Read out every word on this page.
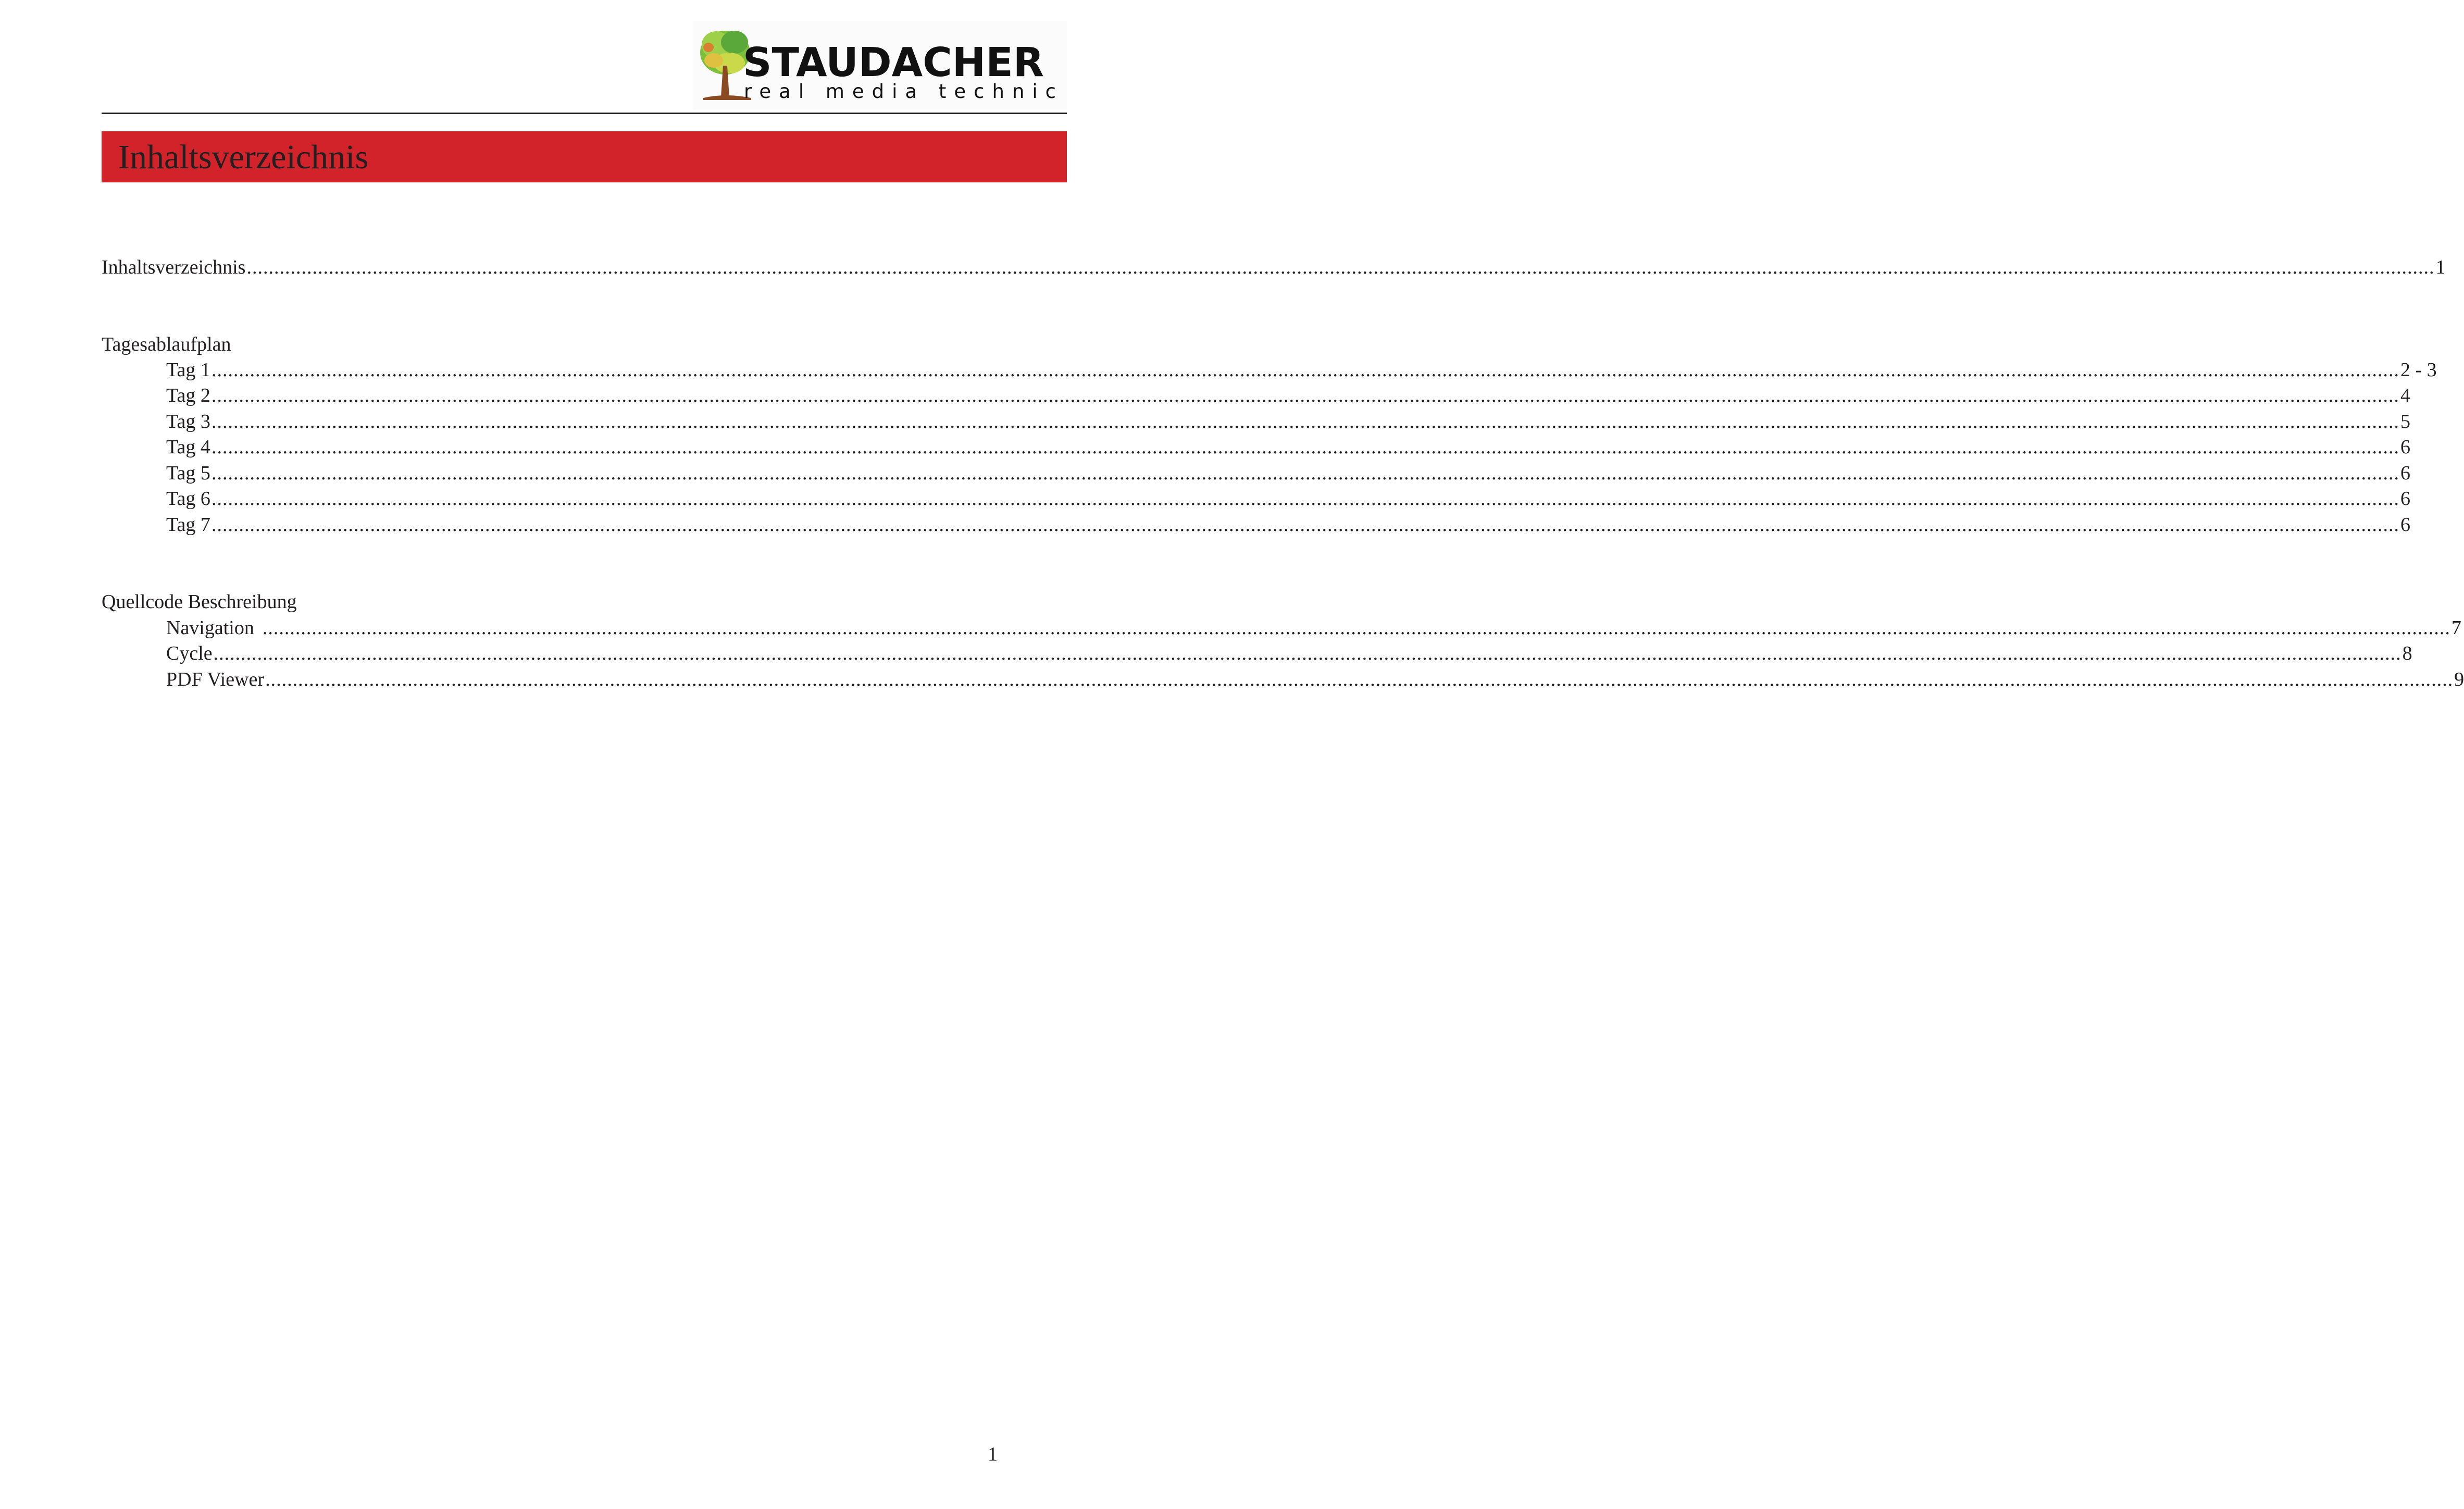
STAUDACHER
real media technic
Inhaltsverzeichnis
Inhaltsverzeichnis ................................................................................................................................................................................................................................................................................................................................................................................................................ 1
Tagesablaufplan
Tag 1 ................................................................................................................................................................................................................................................................................................................................................................................................................ 2 - 3
Tag 2 ................................................................................................................................................................................................................................................................................................................................................................................................................ 4
Tag 3 ................................................................................................................................................................................................................................................................................................................................................................................................................ 5
Tag 4 ................................................................................................................................................................................................................................................................................................................................................................................................................ 6
Tag 5 ................................................................................................................................................................................................................................................................................................................................................................................................................ 6
Tag 6 ................................................................................................................................................................................................................................................................................................................................................................................................................ 6
Tag 7 ................................................................................................................................................................................................................................................................................................................................................................................................................ 6
Quellcode Beschreibung
Navigation ................................................................................................................................................................................................................................................................................................................................................................................................................ 7
Cycle ................................................................................................................................................................................................................................................................................................................................................................................................................ 8
PDF Viewer ................................................................................................................................................................................................................................................................................................................................................................................................................ 9
1
